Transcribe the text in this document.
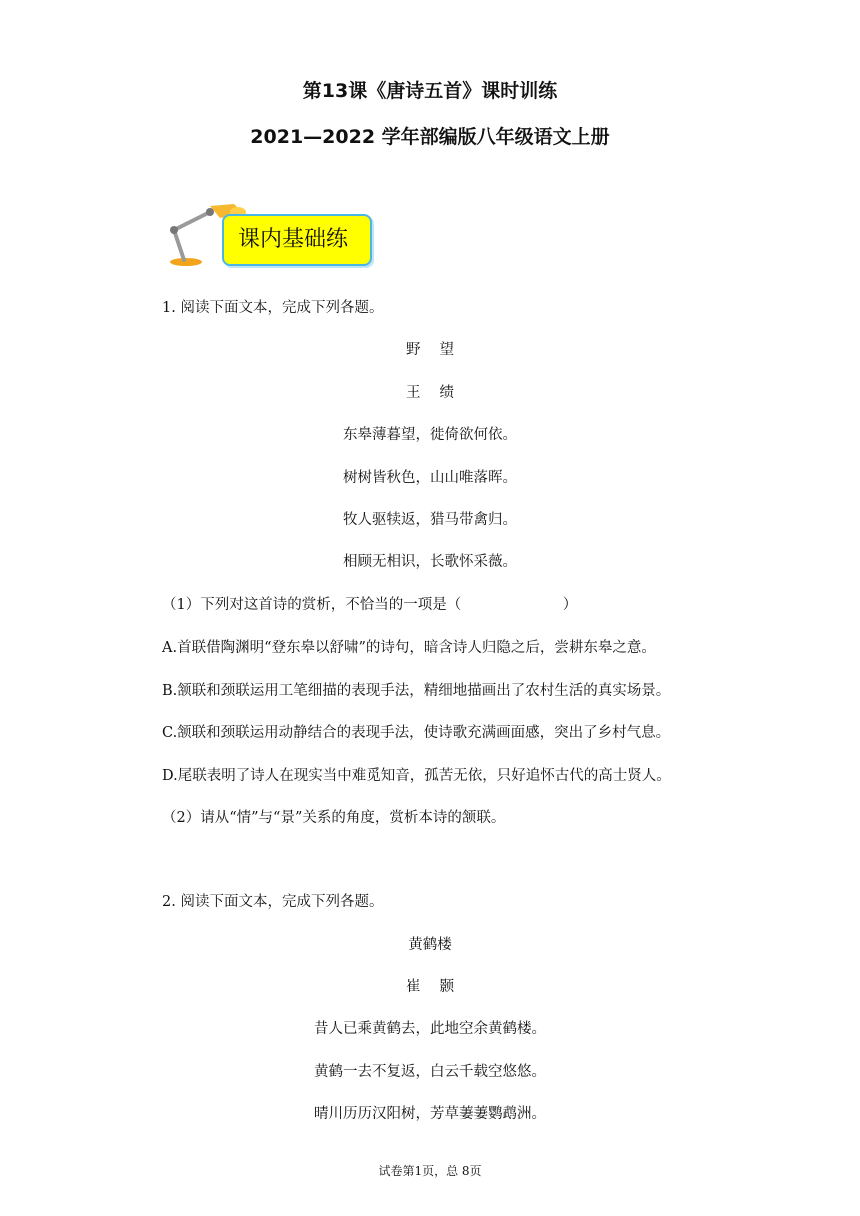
第13课《唐诗五首》课时训练
2021—2022 学年部编版八年级语文上册
课内基础练
1. 阅读下面文本，完成下列各题。
野　 望
王　 绩
东皋薄暮望，徙倚欲何依。
树树皆秋色，山山唯落晖。
牧人驱犊返，猎马带禽归。
相顾无相识，长歌怀采薇。
（1）下列对这首诗的赏析，不恰当的一项是（　　　　　　　）
A.首联借陶渊明“登东皋以舒啸”的诗句，暗含诗人归隐之后，尝耕东皋之意。
B.颔联和颈联运用工笔细描的表现手法，精细地描画出了农村生活的真实场景。
C.颔联和颈联运用动静结合的表现手法，使诗歌充满画面感，突出了乡村气息。
D.尾联表明了诗人在现实当中难觅知音，孤苦无依，只好追怀古代的高士贤人。
（2）请从“情”与“景”关系的角度，赏析本诗的颔联。
2. 阅读下面文本，完成下列各题。
黄鹤楼
崔　 颢
昔人已乘黄鹤去，此地空余黄鹤楼。
黄鹤一去不复返，白云千载空悠悠。
晴川历历汉阳树，芳草萋萋鹦鹉洲。
试卷第1页，总 8页
